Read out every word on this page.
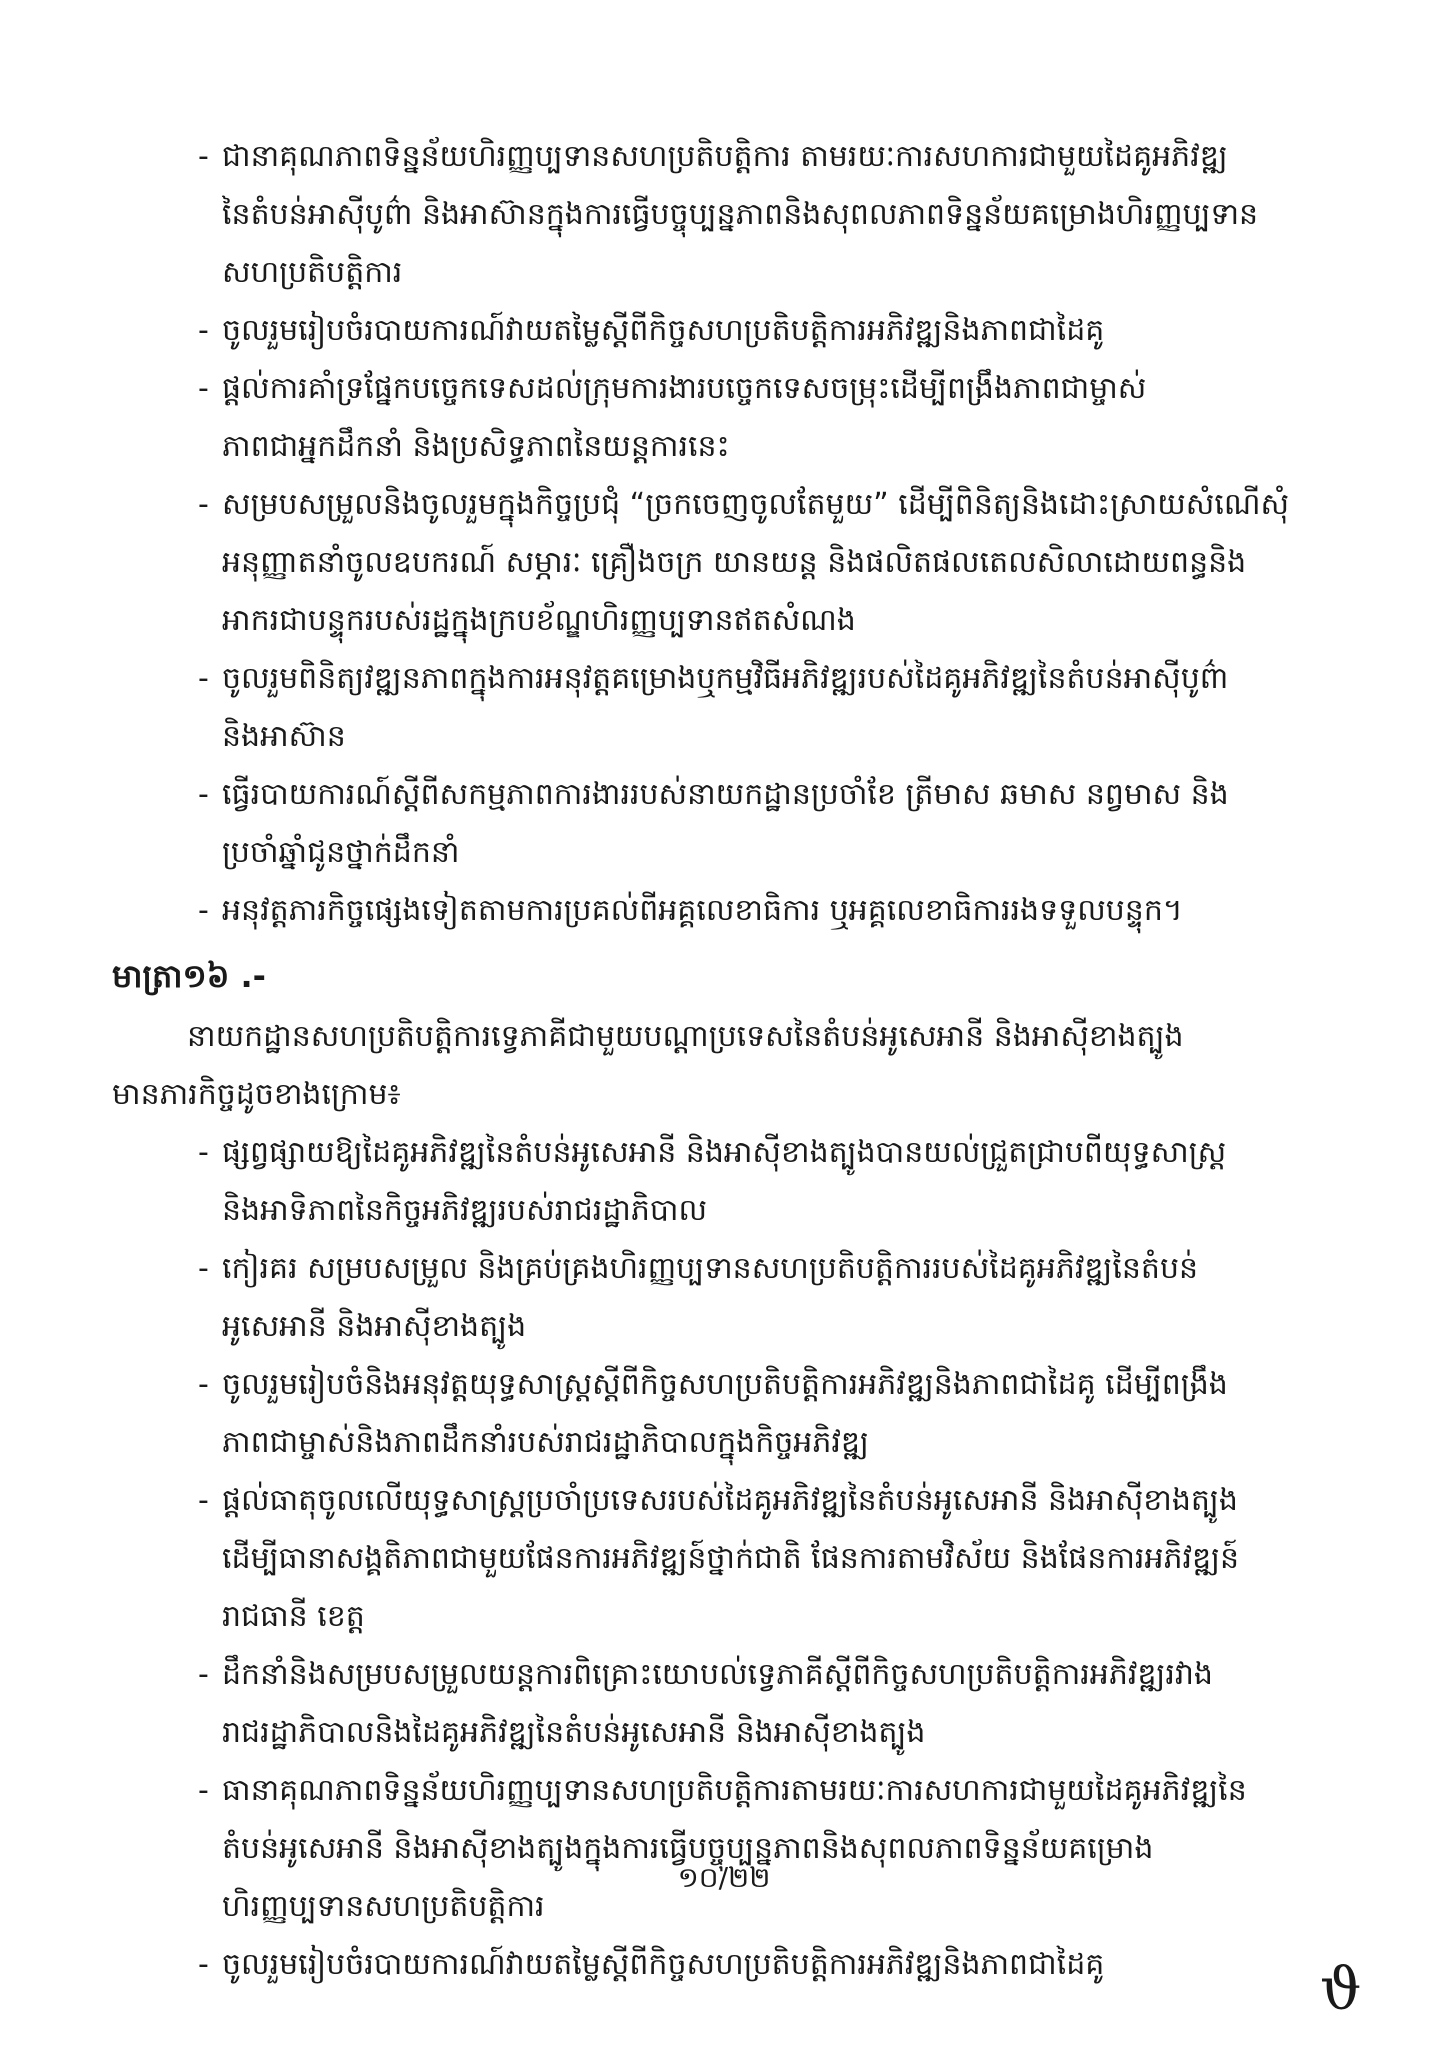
- ជានាគុណភាពទិន្នន័យហិរញ្ញប្បទានសហប្រតិបត្តិការ តាមរយៈការសហការជាមួយដៃគូអភិវឌ្ឍ
នៃតំបន់អាស៊ីបូព៌ា និងអាស៊ានក្នុងការធ្វើបច្ចុប្បន្នភាពនិងសុពលភាពទិន្នន័យគម្រោងហិរញ្ញប្បទាន
សហប្រតិបត្តិការ
- ចូលរួមរៀបចំរបាយការណ៍វាយតម្លៃស្តីពីកិច្ចសហប្រតិបត្តិការអភិវឌ្ឍនិងភាពជាដៃគូ
- ផ្តល់ការគាំទ្រផ្នែកបច្ចេកទេសដល់ក្រុមការងារបច្ចេកទេសចម្រុះដើម្បីពង្រឹងភាពជាម្ចាស់
ភាពជាអ្នកដឹកនាំ និងប្រសិទ្ធភាពនៃយន្តការនេះ
- សម្របសម្រួលនិងចូលរួមក្នុងកិច្ចប្រជុំ “ច្រកចេញចូលតែមួយ” ដើម្បីពិនិត្យនិងដោះស្រាយសំណើសុំ
អនុញ្ញាតនាំចូលឧបករណ៍ សម្ភារៈ គ្រឿងចក្រ យានយន្ត និងផលិតផលតេលសិលាដោយពន្ធនិង
អាករជាបន្ទុករបស់រដ្ឋក្នុងក្របខ័ណ្ឌហិរញ្ញប្បទានឥតសំណង
- ចូលរួមពិនិត្យវឌ្ឍនភាពក្នុងការអនុវត្តគម្រោងឬកម្មវិធីអភិវឌ្ឍរបស់ដៃគូអភិវឌ្ឍនៃតំបន់អាស៊ីបូព៌ា
និងអាស៊ាន
- ធ្វើរបាយការណ៍ស្តីពីសកម្មភាពការងាររបស់នាយកដ្ឋានប្រចាំខែ ត្រីមាស ឆមាស នព្វមាស និង
ប្រចាំឆ្នាំជូនថ្នាក់ដឹកនាំ
- អនុវត្តភារកិច្ចផ្សេងទៀតតាមការប្រគល់ពីអគ្គលេខាធិការ ឬអគ្គលេខាធិការរងទទួលបន្ទុក។
មាត្រា១៦ .-
នាយកដ្ឋានសហប្រតិបត្តិការទ្វេភាគីជាមួយបណ្តាប្រទេសនៃតំបន់អូសេអានី និងអាស៊ីខាងត្បូង
មានភារកិច្ចដូចខាងក្រោម៖
- ផ្សព្វផ្សាយឱ្យដៃគូអភិវឌ្ឍនៃតំបន់អូសេអានី និងអាស៊ីខាងត្បូងបានយល់ជ្រួតជ្រាបពីយុទ្ធសាស្ត្រ
និងអាទិភាពនៃកិច្ចអភិវឌ្ឍរបស់រាជរដ្ឋាភិបាល
- កៀរគរ សម្របសម្រួល និងគ្រប់គ្រងហិរញ្ញប្បទានសហប្រតិបត្តិការរបស់ដៃគូអភិវឌ្ឍនៃតំបន់
អូសេអានី និងអាស៊ីខាងត្បូង
- ចូលរួមរៀបចំនិងអនុវត្តយុទ្ធសាស្ត្រស្តីពីកិច្ចសហប្រតិបត្តិការអភិវឌ្ឍនិងភាពជាដៃគូ ដើម្បីពង្រឹង
ភាពជាម្ចាស់និងភាពដឹកនាំរបស់រាជរដ្ឋាភិបាលក្នុងកិច្ចអភិវឌ្ឍ
- ផ្តល់ធាតុចូលលើយុទ្ធសាស្ត្រប្រចាំប្រទេសរបស់ដៃគូអភិវឌ្ឍនៃតំបន់អូសេអានី និងអាស៊ីខាងត្បូង
ដើម្បីធានាសង្គតិភាពជាមួយផែនការអភិវឌ្ឍន៍ថ្នាក់ជាតិ ផែនការតាមវិស័យ និងផែនការអភិវឌ្ឍន៍
រាជធានី ខេត្ត
- ដឹកនាំនិងសម្របសម្រួលយន្តការពិគ្រោះយោបល់ទ្វេភាគីស្តីពីកិច្ចសហប្រតិបត្តិការអភិវឌ្ឍរវាង
រាជរដ្ឋាភិបាលនិងដៃគូអភិវឌ្ឍនៃតំបន់អូសេអានី និងអាស៊ីខាងត្បូង
- ធានាគុណភាពទិន្នន័យហិរញ្ញប្បទានសហប្រតិបត្តិការតាមរយៈការសហការជាមួយដៃគូអភិវឌ្ឍនៃ
តំបន់អូសេអានី និងអាស៊ីខាងត្បូងក្នុងការធ្វើបច្ចុប្បន្នភាពនិងសុពលភាពទិន្នន័យគម្រោង
ហិរញ្ញប្បទានសហប្រតិបត្តិការ
- ចូលរួមរៀបចំរបាយការណ៍វាយតម្លៃស្តីពីកិច្ចសហប្រតិបត្តិការអភិវឌ្ឍនិងភាពជាដៃគូ
១០/២២
ϑ
